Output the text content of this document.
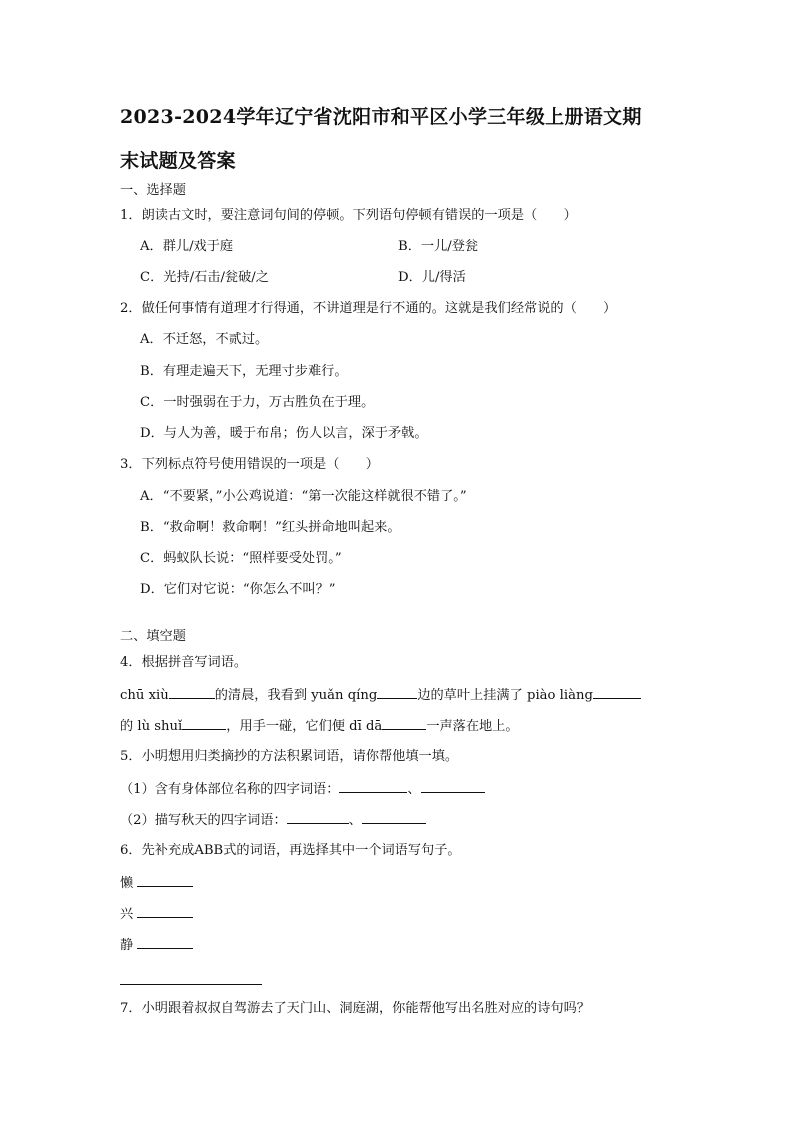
2023-2024学年辽宁省沈阳市和平区小学三年级上册语文期
末试题及答案
一、选择题
1．朗读古文时，要注意词句间的停顿。下列语句停顿有错误的一项是（　　）
A．群儿/戏于庭	B．一儿/登瓮
C．光持/石击/瓮破/之	D．儿/得活
2．做任何事情有道理才行得通，不讲道理是行不通的。这就是我们经常说的（　　）
A．不迁怒，不贰过。
B．有理走遍天下，无理寸步难行。
C．一时强弱在于力，万古胜负在于理。
D．与人为善，暖于布帛；伤人以言，深于矛戟。
3．下列标点符号使用错误的一项是（　　）
A．“不要紧，”小公鸡说道：“第一次能这样就很不错了。”
B．“救命啊！救命啊！”红头拼命地叫起来。
C．蚂蚁队长说：“照样要受处罚。”
D．它们对它说：“你怎么不叫？”
二、填空题
4．根据拼音写词语。
chū xiù	的清晨，我看到 yuǎn qíng	边的草叶上挂满了 piào liàng
的 lù shuǐ	，用手一碰，它们便 dī dā	一声落在地上。
5．小明想用归类摘抄的方法积累词语，请你帮他填一填。
（1）含有身体部位名称的四字词语：	、
（2）描写秋天的四字词语：	、
6．先补充成ABB式的词语，再选择其中一个词语写句子。
懒
兴
静
7．小明跟着叔叔自驾游去了天门山、洞庭湖，你能帮他写出名胜对应的诗句吗？
